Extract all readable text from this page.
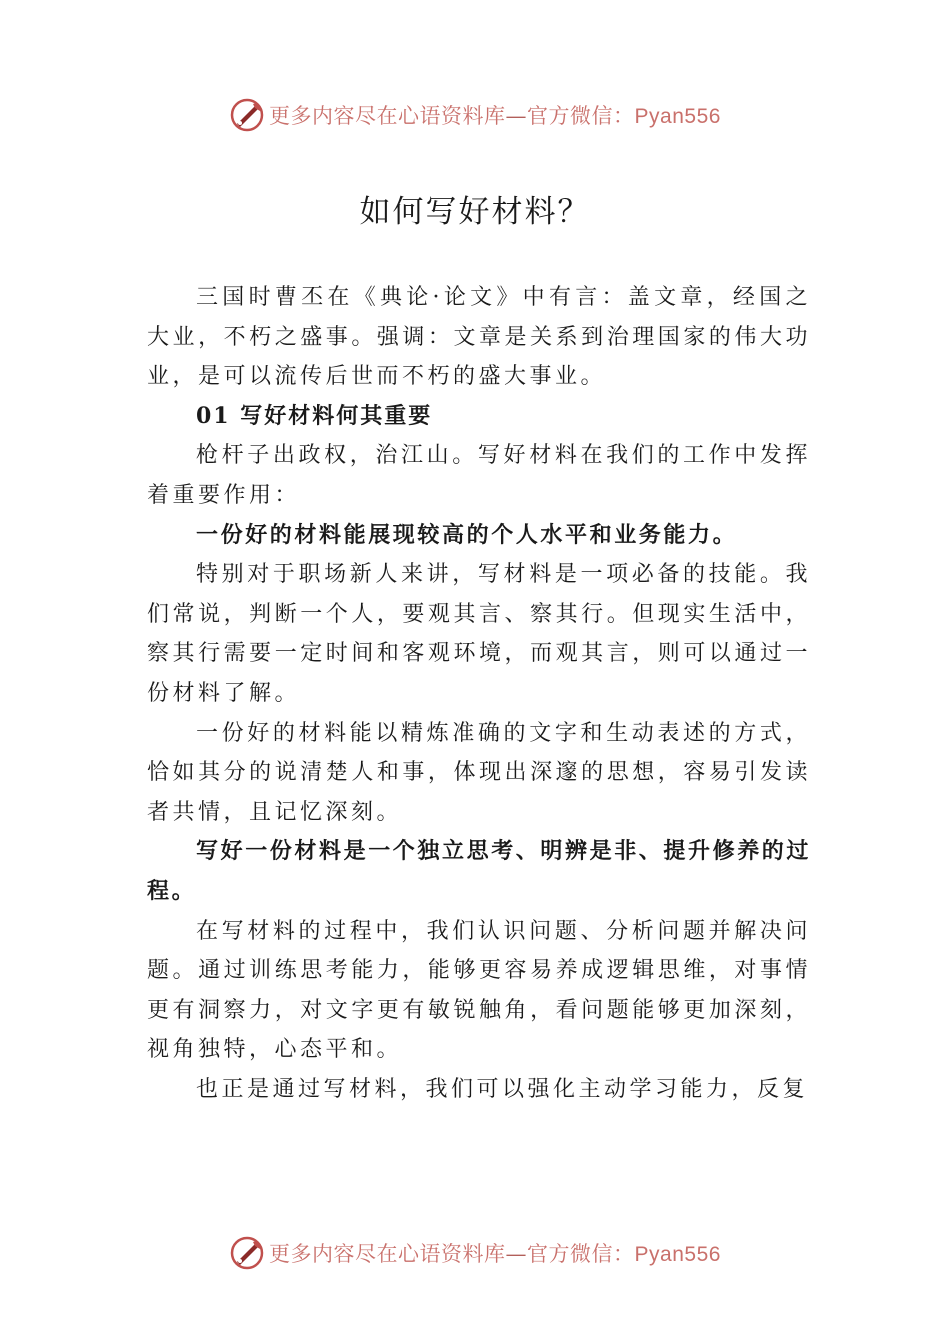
更多内容尽在心语资料库—官方微信：Pyan556
如何写好材料？

三国时曹丕在《典论·论文》中有言：盖文章，经国之大业，不朽之盛事。强调：文章是关系到治理国家的伟大功业，是可以流传后世而不朽的盛大事业。

01 写好材料何其重要

枪杆子出政权，治江山。写好材料在我们的工作中发挥着重要作用：

一份好的材料能展现较高的个人水平和业务能力。

特别对于职场新人来讲，写材料是一项必备的技能。我们常说，判断一个人，要观其言、察其行。但现实生活中， 察其行需要一定时间和客观环境，而观其言，则可以通过一份材料了解。

一份好的材料能以精炼准确的文字和生动表述的方式，恰如其分的说清楚人和事，体现出深邃的思想，容易引发读者共情，且记忆深刻。

写好一份材料是一个独立思考、明辨是非、提升修养的过程。

在写材料的过程中，我们认识问题、分析问题并解决问题。通过训练思考能力，能够更容易养成逻辑思维，对事情更有洞察力，对文字更有敏锐触角，看问题能够更加深刻， 视角独特，心态平和。

也正是通过写材料，我们可以强化主动学习能力，反复

更多内容尽在心语资料库—官方微信：Pyan556
